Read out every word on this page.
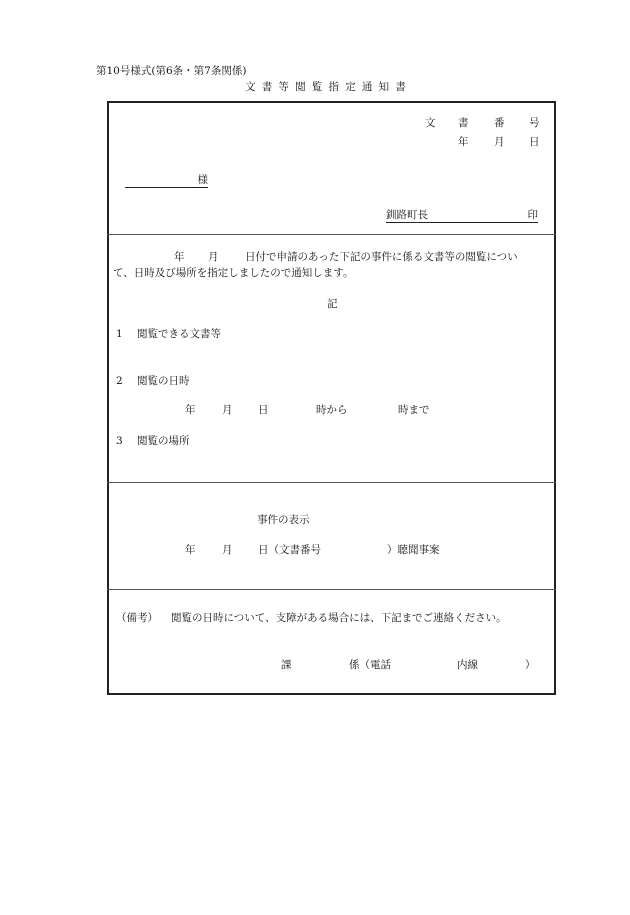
第10号様式(第6条・第7条関係)
文書等閲覧指定通知書
文 書 番 号
年 月 日
様
釧路町長	印
年 月	日付で申請のあった下記の事件に係る文書等の閲覧につい
て、日時及び場所を指定しましたので通知します。
記
1 閲覧できる文書等
2 閲覧の日時
年	月 日	時から	時まで
3 閲覧の場所
事件の表示
年	月 日（文書番号	）聴聞事案
（備考） 閲覧の日時について、支障がある場合には、下記までご連絡ください。
課	係（電話	内線	）
